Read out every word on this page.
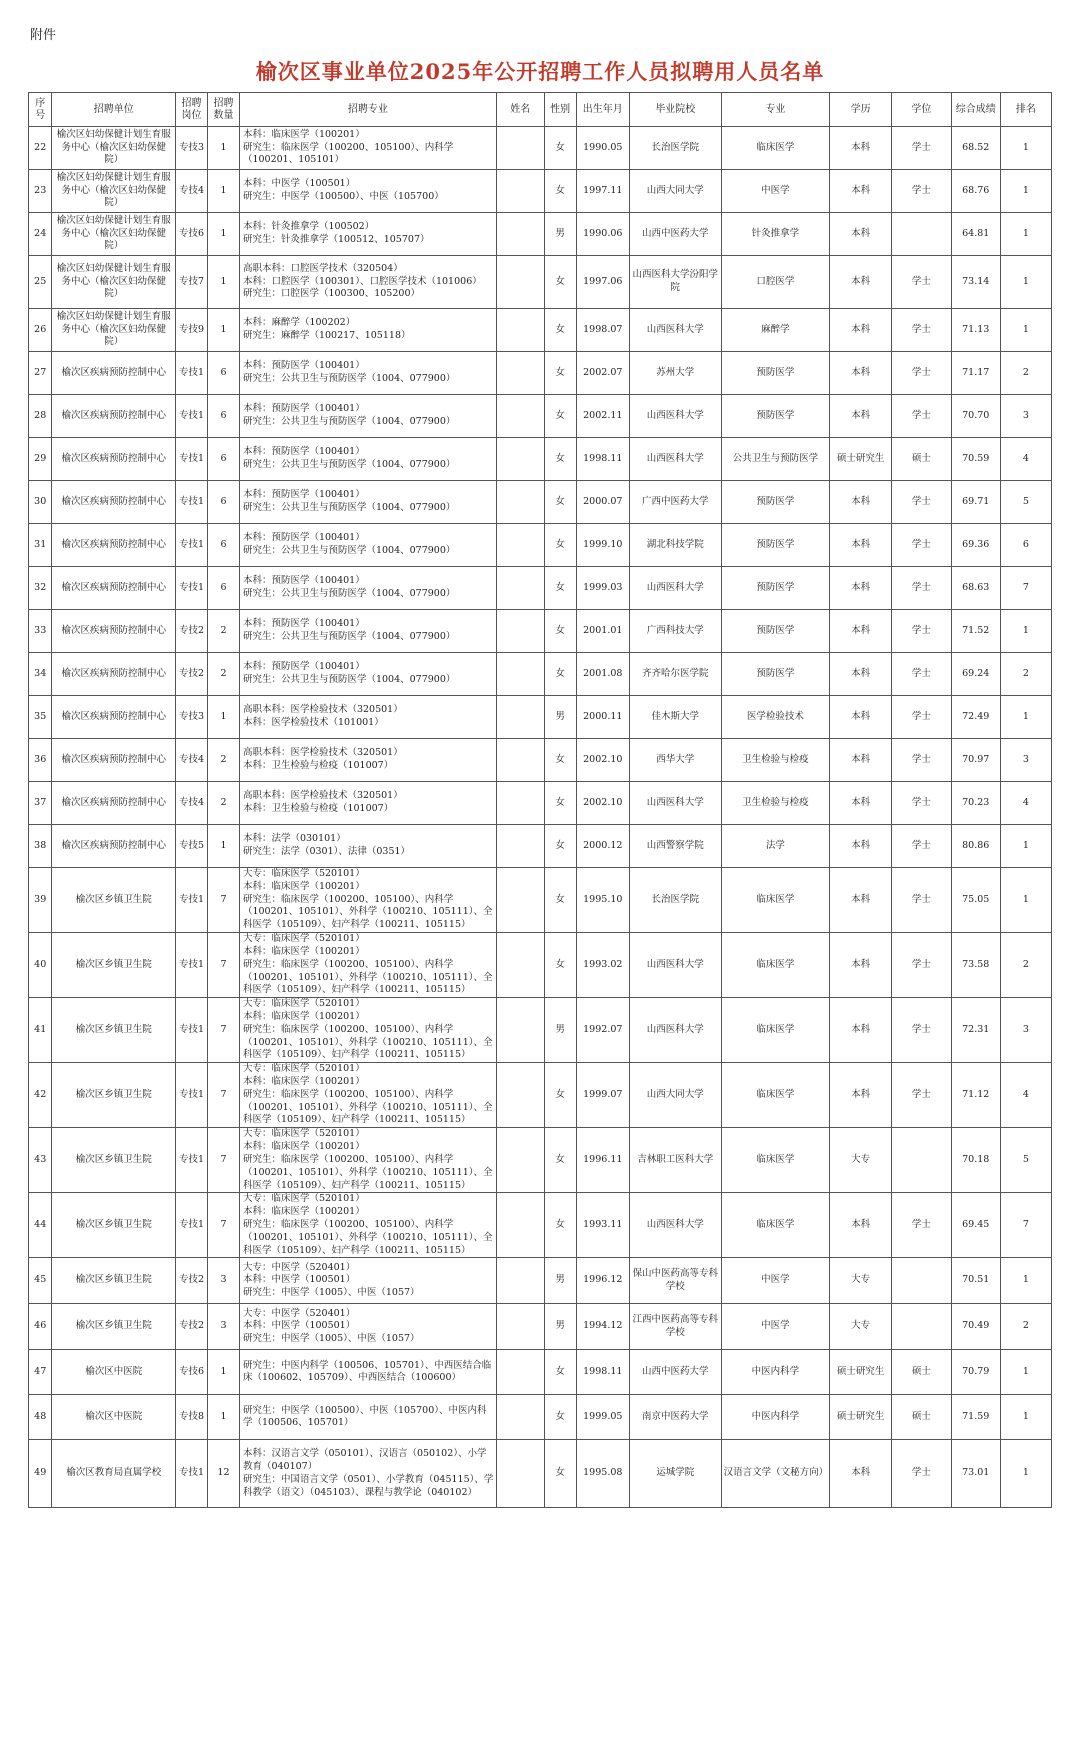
附件
榆次区事业单位2025年公开招聘工作人员拟聘用人员名单
序号	招聘单位	招聘岗位	招聘数量	招聘专业	姓名	性别	出生年月	毕业院校	专业	学历	学位	综合成绩	排名
22	榆次区妇幼保健计划生育服务中心（榆次区妇幼保健院）	专技3	1	本科：临床医学（100201）
研究生：临床医学（100200、105100）、内科学（100201、105101）		女	1990.05	长治医学院	临床医学	本科	学士	68.52	1
23	榆次区妇幼保健计划生育服务中心（榆次区妇幼保健院）	专技4	1	本科：中医学（100501）
研究生：中医学（100500）、中医（105700）		女	1997.11	山西大同大学	中医学	本科	学士	68.76	1
24	榆次区妇幼保健计划生育服务中心（榆次区妇幼保健院）	专技6	1	本科：针灸推拿学（100502）
研究生：针灸推拿学（100512、105707）		男	1990.06	山西中医药大学	针灸推拿学	本科		64.81	1
25	榆次区妇幼保健计划生育服务中心（榆次区妇幼保健院）	专技7	1	高职本科：口腔医学技术（320504）
本科：口腔医学（100301）、口腔医学技术（101006）
研究生：口腔医学（100300、105200）		女	1997.06	山西医科大学汾阳学院	口腔医学	本科	学士	73.14	1
26	榆次区妇幼保健计划生育服务中心（榆次区妇幼保健院）	专技9	1	本科：麻醉学（100202）
研究生：麻醉学（100217、105118）		女	1998.07	山西医科大学	麻醉学	本科	学士	71.13	1
27	榆次区疾病预防控制中心	专技1	6	本科：预防医学（100401）
研究生：公共卫生与预防医学（1004、077900）		女	2002.07	苏州大学	预防医学	本科	学士	71.17	2
28	榆次区疾病预防控制中心	专技1	6	本科：预防医学（100401）
研究生：公共卫生与预防医学（1004、077900）		女	2002.11	山西医科大学	预防医学	本科	学士	70.70	3
29	榆次区疾病预防控制中心	专技1	6	本科：预防医学（100401）
研究生：公共卫生与预防医学（1004、077900）		女	1998.11	山西医科大学	公共卫生与预防医学	硕士研究生	硕士	70.59	4
30	榆次区疾病预防控制中心	专技1	6	本科：预防医学（100401）
研究生：公共卫生与预防医学（1004、077900）		女	2000.07	广西中医药大学	预防医学	本科	学士	69.71	5
31	榆次区疾病预防控制中心	专技1	6	本科：预防医学（100401）
研究生：公共卫生与预防医学（1004、077900）		女	1999.10	湖北科技学院	预防医学	本科	学士	69.36	6
32	榆次区疾病预防控制中心	专技1	6	本科：预防医学（100401）
研究生：公共卫生与预防医学（1004、077900）		女	1999.03	山西医科大学	预防医学	本科	学士	68.63	7
33	榆次区疾病预防控制中心	专技2	2	本科：预防医学（100401）
研究生：公共卫生与预防医学（1004、077900）		女	2001.01	广西科技大学	预防医学	本科	学士	71.52	1
34	榆次区疾病预防控制中心	专技2	2	本科：预防医学（100401）
研究生：公共卫生与预防医学（1004、077900）		女	2001.08	齐齐哈尔医学院	预防医学	本科	学士	69.24	2
35	榆次区疾病预防控制中心	专技3	1	高职本科：医学检验技术（320501）
本科：医学检验技术（101001）		男	2000.11	佳木斯大学	医学检验技术	本科	学士	72.49	1
36	榆次区疾病预防控制中心	专技4	2	高职本科：医学检验技术（320501）
本科：卫生检验与检疫（101007）		女	2002.10	西华大学	卫生检验与检疫	本科	学士	70.97	3
37	榆次区疾病预防控制中心	专技4	2	高职本科：医学检验技术（320501）
本科：卫生检验与检疫（101007）		女	2002.10	山西医科大学	卫生检验与检疫	本科	学士	70.23	4
38	榆次区疾病预防控制中心	专技5	1	本科：法学（030101）
研究生：法学（0301）、法律（0351）		女	2000.12	山西警察学院	法学	本科	学士	80.86	1
39	榆次区乡镇卫生院	专技1	7	大专：临床医学（520101）
本科：临床医学（100201）
研究生：临床医学（100200、105100）、内科学（100201、105101）、外科学（100210、105111）、全科医学（105109）、妇产科学（100211、105115）		女	1995.10	长治医学院	临床医学	本科	学士	75.05	1
40	榆次区乡镇卫生院	专技1	7	大专：临床医学（520101）
本科：临床医学（100201）
研究生：临床医学（100200、105100）、内科学（100201、105101）、外科学（100210、105111）、全科医学（105109）、妇产科学（100211、105115）		女	1993.02	山西医科大学	临床医学	本科	学士	73.58	2
41	榆次区乡镇卫生院	专技1	7	大专：临床医学（520101）
本科：临床医学（100201）
研究生：临床医学（100200、105100）、内科学（100201、105101）、外科学（100210、105111）、全科医学（105109）、妇产科学（100211、105115）		男	1992.07	山西医科大学	临床医学	本科	学士	72.31	3
42	榆次区乡镇卫生院	专技1	7	大专：临床医学（520101）
本科：临床医学（100201）
研究生：临床医学（100200、105100）、内科学（100201、105101）、外科学（100210、105111）、全科医学（105109）、妇产科学（100211、105115）		女	1999.07	山西大同大学	临床医学	本科	学士	71.12	4
43	榆次区乡镇卫生院	专技1	7	大专：临床医学（520101）
本科：临床医学（100201）
研究生：临床医学（100200、105100）、内科学（100201、105101）、外科学（100210、105111）、全科医学（105109）、妇产科学（100211、105115）		女	1996.11	吉林职工医科大学	临床医学	大专		70.18	5
44	榆次区乡镇卫生院	专技1	7	大专：临床医学（520101）
本科：临床医学（100201）
研究生：临床医学（100200、105100）、内科学（100201、105101）、外科学（100210、105111）、全科医学（105109）、妇产科学（100211、105115）		女	1993.11	山西医科大学	临床医学	本科	学士	69.45	7
45	榆次区乡镇卫生院	专技2	3	大专：中医学（520401）
本科：中医学（100501）
研究生：中医学（1005）、中医（1057）		男	1996.12	保山中医药高等专科学校	中医学	大专		70.51	1
46	榆次区乡镇卫生院	专技2	3	大专：中医学（520401）
本科：中医学（100501）
研究生：中医学（1005）、中医（1057）		男	1994.12	江西中医药高等专科学校	中医学	大专		70.49	2
47	榆次区中医院	专技6	1	研究生：中医内科学（100506、105701）、中西医结合临床（100602、105709）、中西医结合（100600）		女	1998.11	山西中医药大学	中医内科学	硕士研究生	硕士	70.79	1
48	榆次区中医院	专技8	1	研究生：中医学（100500）、中医（105700）、中医内科学（100506、105701）		女	1999.05	南京中医药大学	中医内科学	硕士研究生	硕士	71.59	1
49	榆次区教育局直属学校	专技1	12	本科：汉语言文学（050101）、汉语言（050102）、小学教育（040107）
研究生：中国语言文学（0501）、小学教育（045115）、学科教学（语文）（045103）、课程与教学论（040102）		女	1995.08	运城学院	汉语言文学（文秘方向）	本科	学士	73.01	1
